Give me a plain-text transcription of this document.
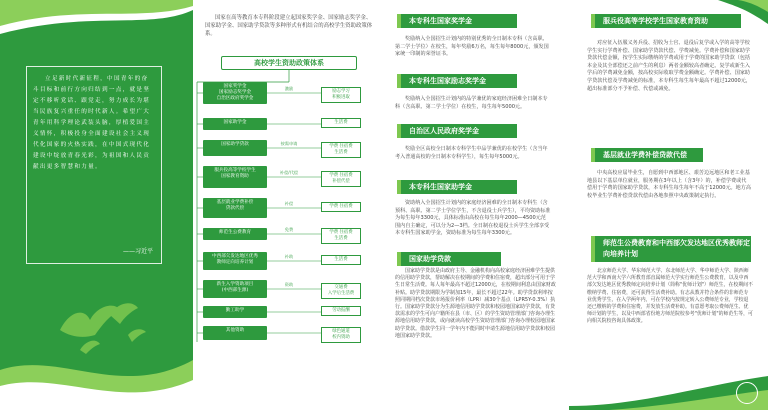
立足新时代新征程，中国青年的奋斗目标和前行方向归结到一点，就是坚定不移听党话、跟党走，努力成长为堪当民族复兴重任的时代新人。希望广大青年用科学理论武装头脑，厚植爱国主义情怀，积极投身全面建设社会主义现代化国家的火热实践，在中国式现代化建设中绽放青春光彩，为祖国和人民贡献出更多智慧和力量。

——习近平

国家在高等教育本专科阶段建立起国家奖学金、国家励志奖学金、国家助学金、国家助学贷款等多种形式有机结合的高校学生资助政策体系。

高校学生资助政策体系
国家奖学金
国家励志奖学金
自治区政府奖学金
激励
励志学习
积极进取
国家助学金	生活费
国家助学贷款	按需申请
学费 住宿费
生活费
服兵役高等学校学生
国家教育资助
补偿/代偿
学费 住宿费
补偿代偿
基层就业学费补偿
贷款代偿
补偿
学费 住宿费
师范生公费教育
免费
学费 住宿费
生活费
中西部欠发达地区优秀
教师定向培养计划
补助
生活费
新生入学资助项目
(中西部生源)
资助
交通费
入学后生活费
勤工助学	劳动报酬
其他资助	绿色通道
校内资助
本专科生国家奖学金

奖励纳入全国招生计划内的特别优秀的全日制本专科（含高职、第二学士学位）在校生，每年奖励6万名，每生每年8000元，颁发国家统一印制的荣誉证书。

本专科生国家励志奖学金

奖励纳入全国招生计划内的品学兼优的家庭经济困难全日制本专科（含高职、第二学士学位）在校生，每生每年5000元。

自治区人民政府奖学金

奖励全区高校全日制本专科学生中品学兼优的在校学生（含当年考入普通高校的全日制本专科学生），每生每年5000元。

本专科生国家助学金

资助纳入全国招生计划内的家庭经济困难的全日制本专科生（含预科、高职、第二学士学位学生，不含退役士兵学生），平均资助标准为每生每年3300元，具体标准由高校在每生每年2000—4500元范围内自主确定，可以分为2—3档。全日制在校退役士兵学生全部享受本专科生国家助学金，资助标准为每生每年3300元。

国家助学贷款

国家助学贷款是由政府主导、金融机构向高校家庭经济困难学生提供的信用助学贷款，帮助解决在校期间的学费和住宿费，超出部分可用于学生日常生活费。每人每年最高不超过12000元，在校期间利息由国家财政补贴。助学贷款期限为学制加15年，最长不超过22年。助学贷款利率按照同期同档次贷款市场报价利率（LPR）减30个基点（LPR5Y-0.3%）执行。国家助学贷款分为生源地信用助学贷款和校园地国家助学贷款，有贷款需求的学生可向户籍所在县（市、区）的学生资助管理部门咨询办理生源地信用助学贷款，或向就读高校学生资助管理部门咨询办理校园地国家助学贷款。借款学生同一学年内不能同时申请生源地信用助学贷款和校园地国家助学贷款。

服兵役高等学校学生国家教育资助

对应征入伍服义务兵役、招收为士官、退役后复学或入学的高等学校学生实行学费补偿、国家助学贷款代偿、学费减免。学费补偿和国家助学贷款代偿金额，按学生实际缴纳的学费或用于学费的国家助学贷款（包括本金及其全部偿还之前产生的利息）两者金额较高者确定。复学或新生入学后的学费减免金额，按高校实际收取学费金额确定。学费补偿、国家助学贷款代偿及学费减免的标准，本专科生每生每年最高不超过12000元，超出标准部分不予补偿、代偿或减免。

基层就业学费补偿贷款代偿

中央高校应届毕业生，自愿到中西部地区、艰苦边远地区和老工业基地县以下基层单位就业，服务期在3年以上（含3年）的，补偿学费或代偿用于学费的国家助学贷款，本专科生每生每年不高于12000元。地方高校毕业生学费补偿贷款代偿由各地参照中央政策制定执行。

师范生公费教育和中西部欠发达地区优秀教师定向培养计划

北京师范大学、华东师范大学、东北师范大学、华中师范大学、陕西师范大学和西南大学六所教育部直属师范大学实行师范生公费教育，以及中西部欠发达地区优秀教师定向培养计划（简称"优师计划"）师范生，在校期间不缴纳学费、住宿费，还可获得生活费补助。有志从教并符合条件的非师范专业优秀学生，在入学两年内，可在学校内按规定转入公费师范专业，学校退还已缴纳的学费和住宿费，并发放生活费补助。有意愿考取公费师范生、优师计划的学生，以及中西部省份地方师范院校参考"优师计划"的师范生等，可向相关院校咨询具体政策。
